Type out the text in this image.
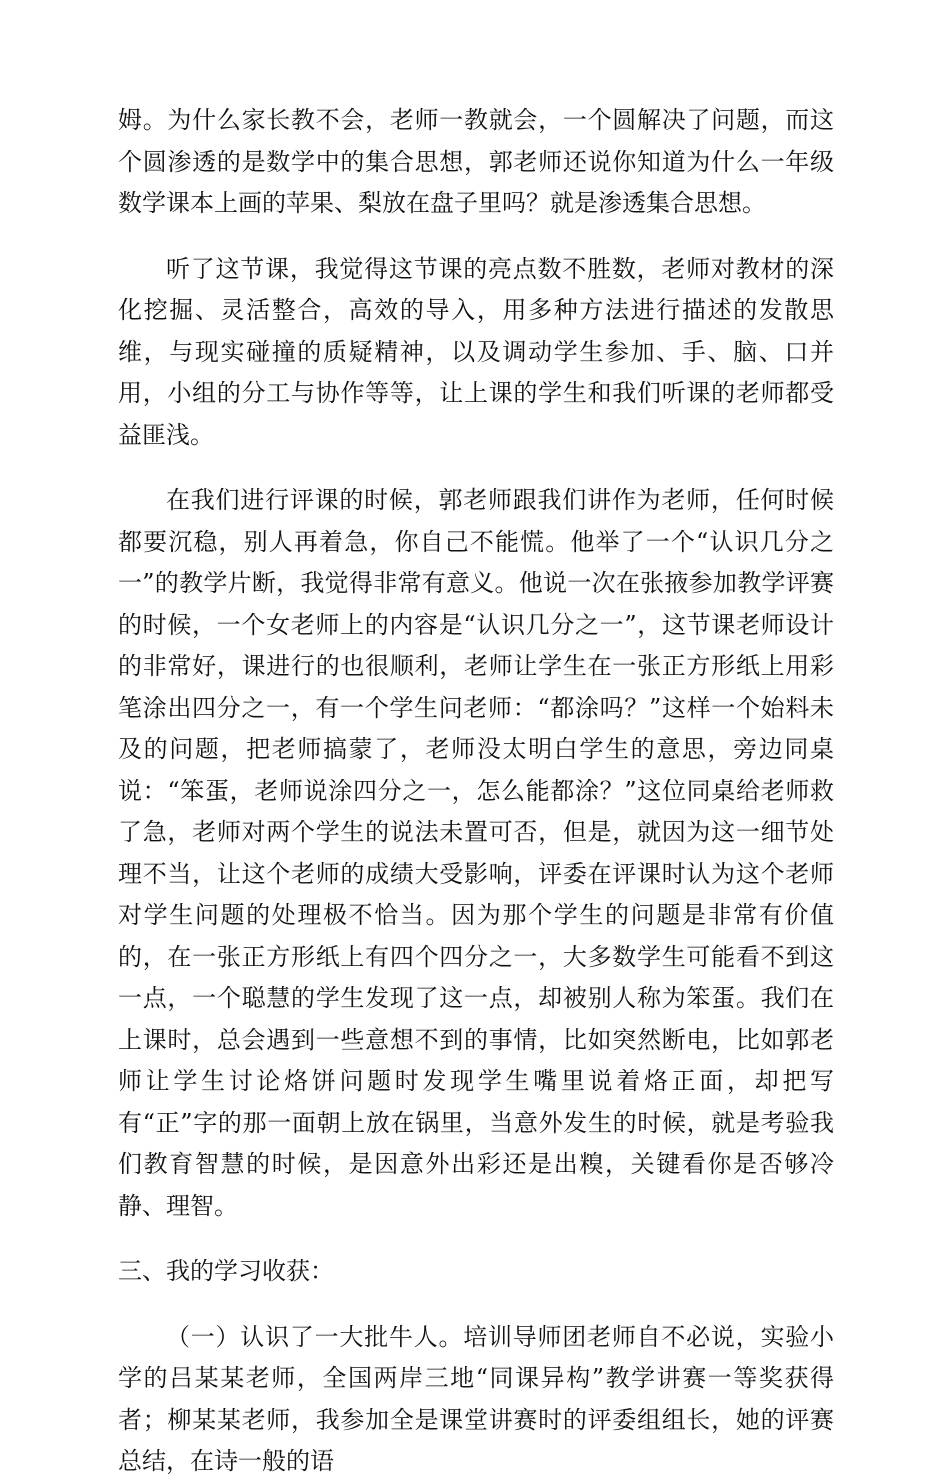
姆。为什么家长教不会，老师一教就会，一个圆解决了问题，而这个圆渗透的是数学中的集合思想，郭老师还说你知道为什么一年级数学课本上画的苹果、梨放在盘子里吗？就是渗透集合思想。

听了这节课，我觉得这节课的亮点数不胜数，老师对教材的深化挖掘、灵活整合，高效的导入，用多种方法进行描述的发散思维，与现实碰撞的质疑精神，以及调动学生参加、手、脑、口并用，小组的分工与协作等等，让上课的学生和我们听课的老师都受益匪浅。

在我们进行评课的时候，郭老师跟我们讲作为老师，任何时候都要沉稳，别人再着急，你自己不能慌。他举了一个“认识几分之一”的教学片断，我觉得非常有意义。他说一次在张掖参加教学评赛的时候，一个女老师上的内容是“认识几分之一”，这节课老师设计的非常好，课进行的也很顺利，老师让学生在一张正方形纸上用彩笔涂出四分之一，有一个学生问老师：“都涂吗？”这样一个始料未及的问题，把老师搞蒙了，老师没太明白学生的意思，旁边同桌说：“笨蛋，老师说涂四分之一，怎么能都涂？”这位同桌给老师救了急，老师对两个学生的说法未置可否，但是，就因为这一细节处理不当，让这个老师的成绩大受影响，评委在评课时认为这个老师对学生问题的处理极不恰当。因为那个学生的问题是非常有价值的，在一张正方形纸上有四个四分之一，大多数学生可能看不到这一点，一个聪慧的学生发现了这一点，却被别人称为笨蛋。我们在上课时，总会遇到一些意想不到的事情，比如突然断电，比如郭老师让学生讨论烙饼问题时发现学生嘴里说着烙正面，却把写有“正”字的那一面朝上放在锅里，当意外发生的时候，就是考验我们教育智慧的时候，是因意外出彩还是出糗，关键看你是否够冷静、理智。

三、我的学习收获：

（一）认识了一大批牛人。培训导师团老师自不必说，实验小学的吕某某老师，全国两岸三地“同课异构”教学讲赛一等奖获得者；柳某某老师，我参加全是课堂讲赛时的评委组组长，她的评赛总结，在诗一般的语
